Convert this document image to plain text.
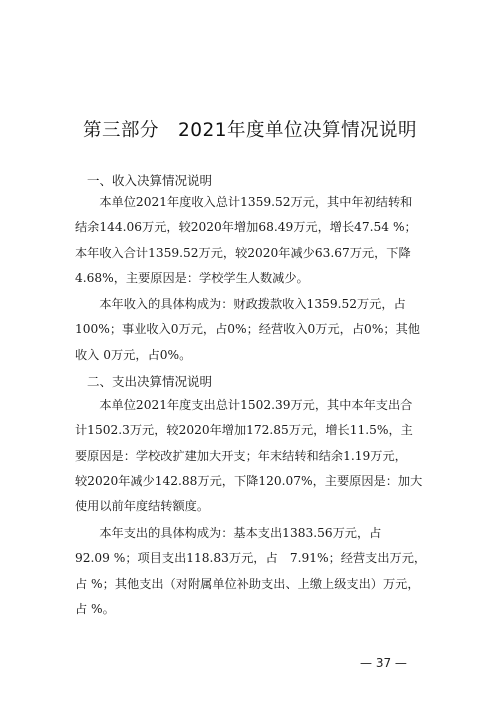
第三部分　2021年度单位决算情况说明
一、收入决算情况说明
　　本单位2021年度收入总计1359.52万元，其中年初结转和
结余144.06万元，较2020年增加68.49万元，增长47.54 %；
本年收入合计1359.52万元，较2020年减少63.67万元，下降
4.68%，主要原因是：学校学生人数减少。
　　本年收入的具体构成为：财政拨款收入1359.52万元，占
100%；事业收入0万元，占0%；经营收入0万元，占0%；其他
收入 0万元，占0%。
二、支出决算情况说明
　　本单位2021年度支出总计1502.39万元，其中本年支出合
计1502.3万元，较2020年增加172.85万元，增长11.5%，主
要原因是：学校改扩建加大开支；年末结转和结余1.19万元，
较2020年减少142.88万元，下降120.07%，主要原因是：加大
使用以前年度结转额度。
　　本年支出的具体构成为：基本支出1383.56万元，占
92.09 %；项目支出118.83万元，占　7.91%；经营支出万元，
占 %；其他支出（对附属单位补助支出、上缴上级支出）万元，
占 %。
— 37 —
